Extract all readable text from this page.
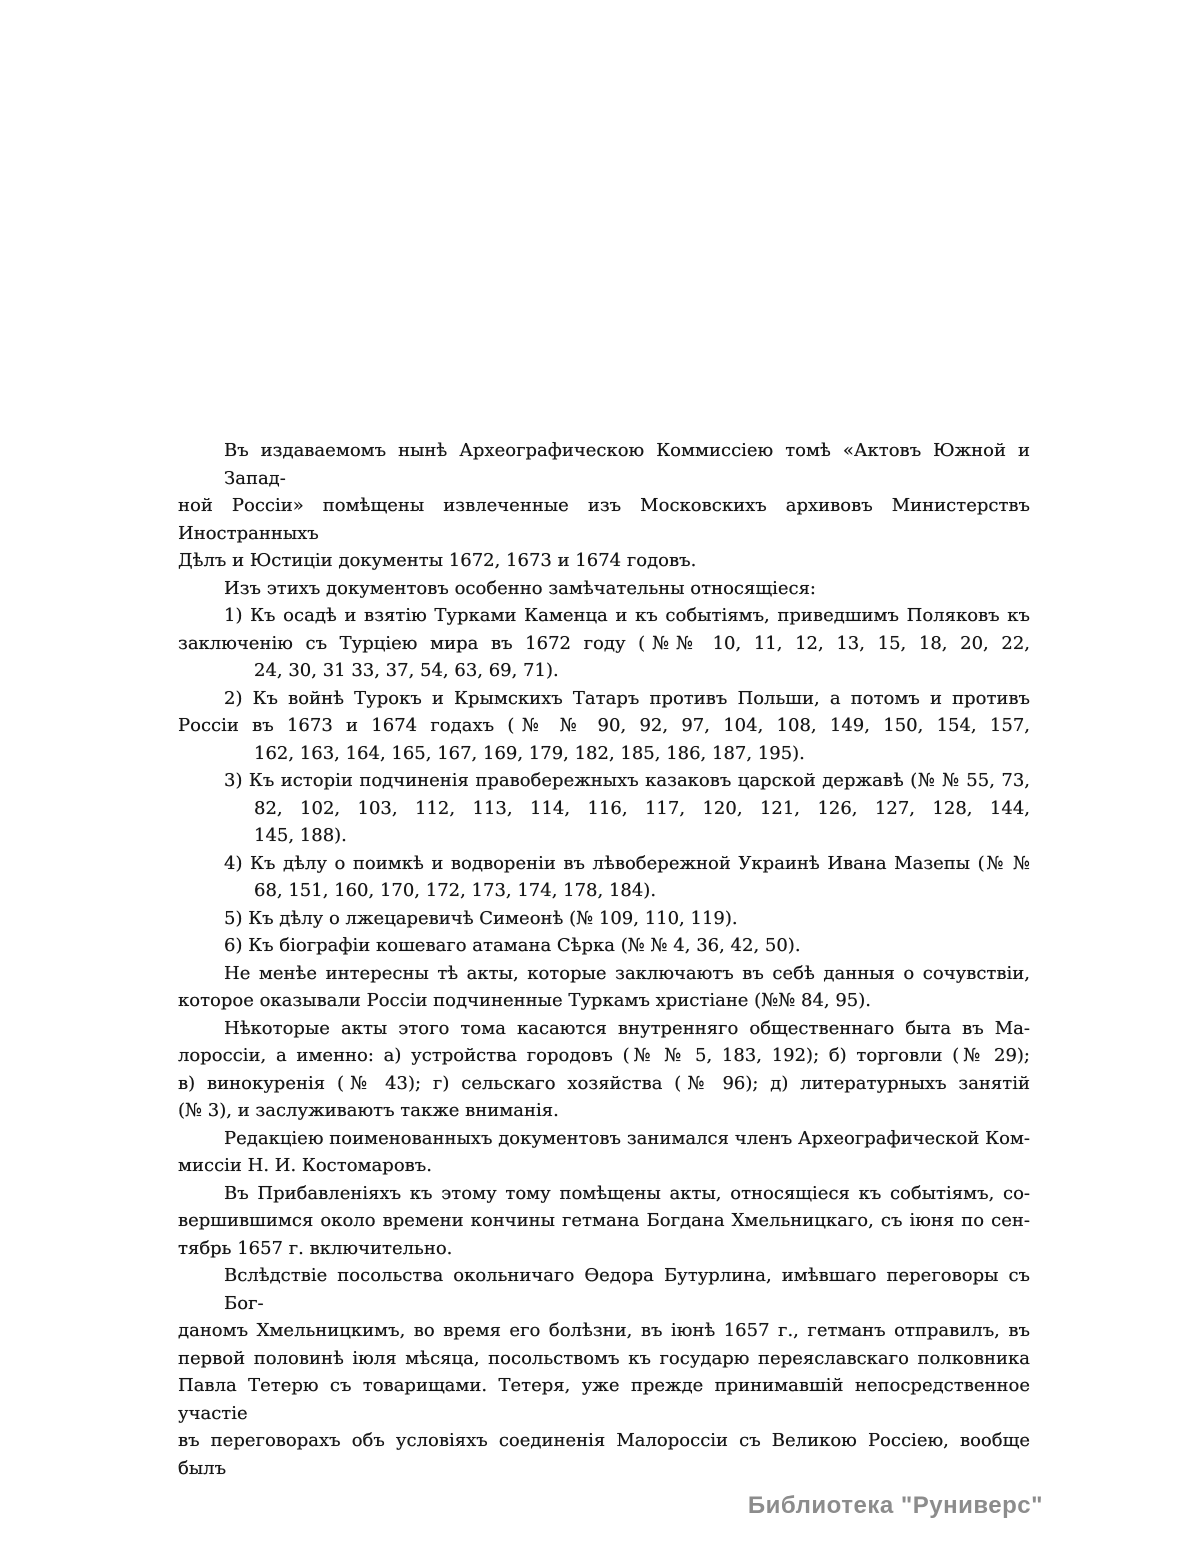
Въ издаваемомъ нынѣ Археографическою Коммиссіею томѣ «Актовъ Южной и Запад-
ной Россіи» помѣщены извлеченные изъ Московскихъ архивовъ Министерствъ Иностранныхъ
Дѣлъ и Юстиціи документы 1672, 1673 и 1674 годовъ.
Изъ этихъ документовъ особенно замѣчательны относящіеся:
1) Къ осадѣ и взятію Турками Каменца и къ событіямъ, приведшимъ Поляковъ къ
заключенію съ Турціею мира въ 1672 году (№№ 10, 11, 12, 13, 15, 18, 20, 22,
24, 30, 31 33, 37, 54, 63, 69, 71).
2) Къ войнѣ Турокъ и Крымскихъ Татаръ противъ Польши, а потомъ и противъ
Россіи въ 1673 и 1674 годахъ (№ № 90, 92, 97, 104, 108, 149, 150, 154, 157,
162, 163, 164, 165, 167, 169, 179, 182, 185, 186, 187, 195).
3) Къ исторіи подчиненія правобережныхъ казаковъ царской державѣ (№ № 55, 73,
82, 102, 103, 112, 113, 114, 116, 117, 120, 121, 126, 127, 128, 144,
145, 188).
4) Къ дѣлу о поимкѣ и водвореніи въ лѣвобережной Украинѣ Ивана Мазепы (№ №
68, 151, 160, 170, 172, 173, 174, 178, 184).
5) Къ дѣлу о лжецаревичѣ Симеонѣ (№ 109, 110, 119).
6) Къ біографіи кошеваго атамана Сѣрка (№ № 4, 36, 42, 50).
Не менѣе интересны тѣ акты, которые заключаютъ въ себѣ данныя о сочувствіи,
которое оказывали Россіи подчиненные Туркамъ христіане (№№ 84, 95).
Нѣкоторые акты этого тома касаются внутренняго общественнаго быта въ Ма-
лороссіи, а именно: а) устройства городовъ (№ № 5, 183, 192); б) торговли (№ 29);
в) винокуренія (№ 43); г) сельскаго хозяйства (№ 96); д) литературныхъ занятій
(№ 3), и заслуживаютъ также вниманія.
Редакціею поименованныхъ документовъ занимался членъ Археографической Ком-
миссіи Н. И. Костомаровъ.
Въ Прибавленіяхъ къ этому тому помѣщены акты, относящіеся къ событіямъ, со-
вершившимся около времени кончины гетмана Богдана Хмельницкаго, съ іюня по сен-
тябрь 1657 г. включительно.
Вслѣдствіе посольства окольничаго Ѳедора Бутурлина, имѣвшаго переговоры съ Бог-
даномъ Хмельницкимъ, во время его болѣзни, въ іюнѣ 1657 г., гетманъ отправилъ, въ
первой половинѣ іюля мѣсяца, посольствомъ къ государю переяславскаго полковника
Павла Тетерю съ товарищами. Тетеря, уже прежде принимавшій непосредственное участіе
въ переговорахъ объ условіяхъ соединенія Малороссіи съ Великою Россіею, вообще былъ
Библиотека "Руниверс"
